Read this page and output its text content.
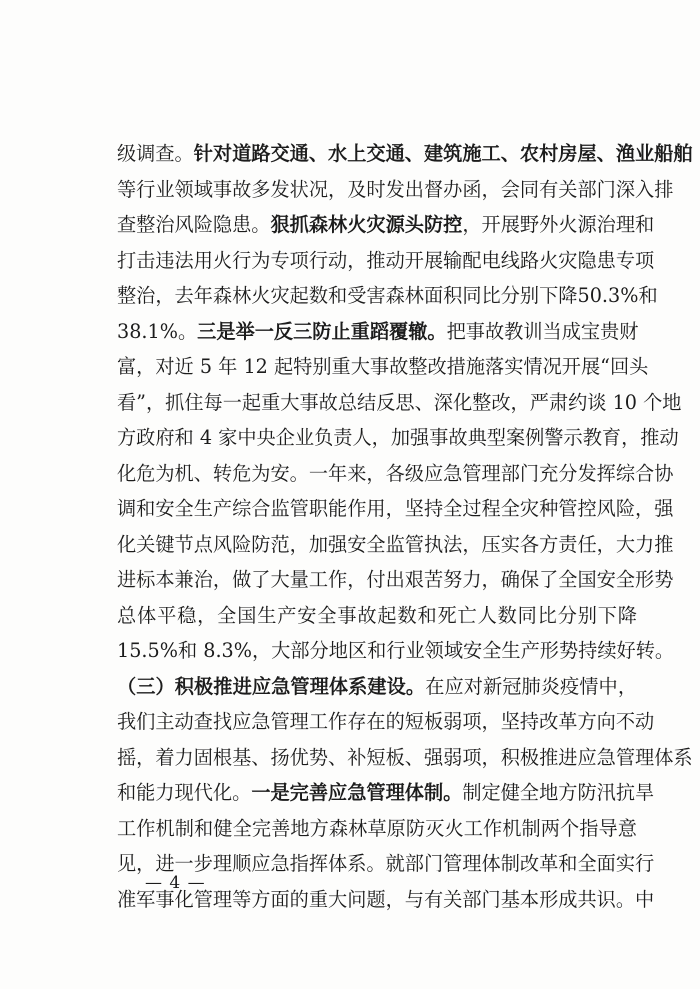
级调查。针对道路交通、水上交通、建筑施工、农村房屋、渔业船舶
等行业领域事故多发状况，及时发出督办函，会同有关部门深入排
查整治风险隐患。狠抓森林火灾源头防控，开展野外火源治理和
打击违法用火行为专项行动，推动开展输配电线路火灾隐患专项
整治，去年森林火灾起数和受害森林面积同比分别下降50.3%和
38.1%。三是举一反三防止重蹈覆辙。把事故教训当成宝贵财
富，对近 5 年 12 起特别重大事故整改措施落实情况开展“回头
看”，抓住每一起重大事故总结反思、深化整改，严肃约谈 10 个地
方政府和 4 家中央企业负责人，加强事故典型案例警示教育，推动
化危为机、转危为安。一年来，各级应急管理部门充分发挥综合协
调和安全生产综合监管职能作用，坚持全过程全灾种管控风险，强
化关键节点风险防范，加强安全监管执法，压实各方责任，大力推
进标本兼治，做了大量工作，付出艰苦努力，确保了全国安全形势
总体平稳，全国生产安全事故起数和死亡人数同比分别下降
15.5%和 8.3%，大部分地区和行业领域安全生产形势持续好转。
（三）积极推进应急管理体系建设。在应对新冠肺炎疫情中，
我们主动查找应急管理工作存在的短板弱项，坚持改革方向不动
摇，着力固根基、扬优势、补短板、强弱项，积极推进应急管理体系
和能力现代化。一是完善应急管理体制。制定健全地方防汛抗旱
工作机制和健全完善地方森林草原防灭火工作机制两个指导意
见，进一步理顺应急指挥体系。就部门管理体制改革和全面实行
准军事化管理等方面的重大问题，与有关部门基本形成共识。中
— 4 —
